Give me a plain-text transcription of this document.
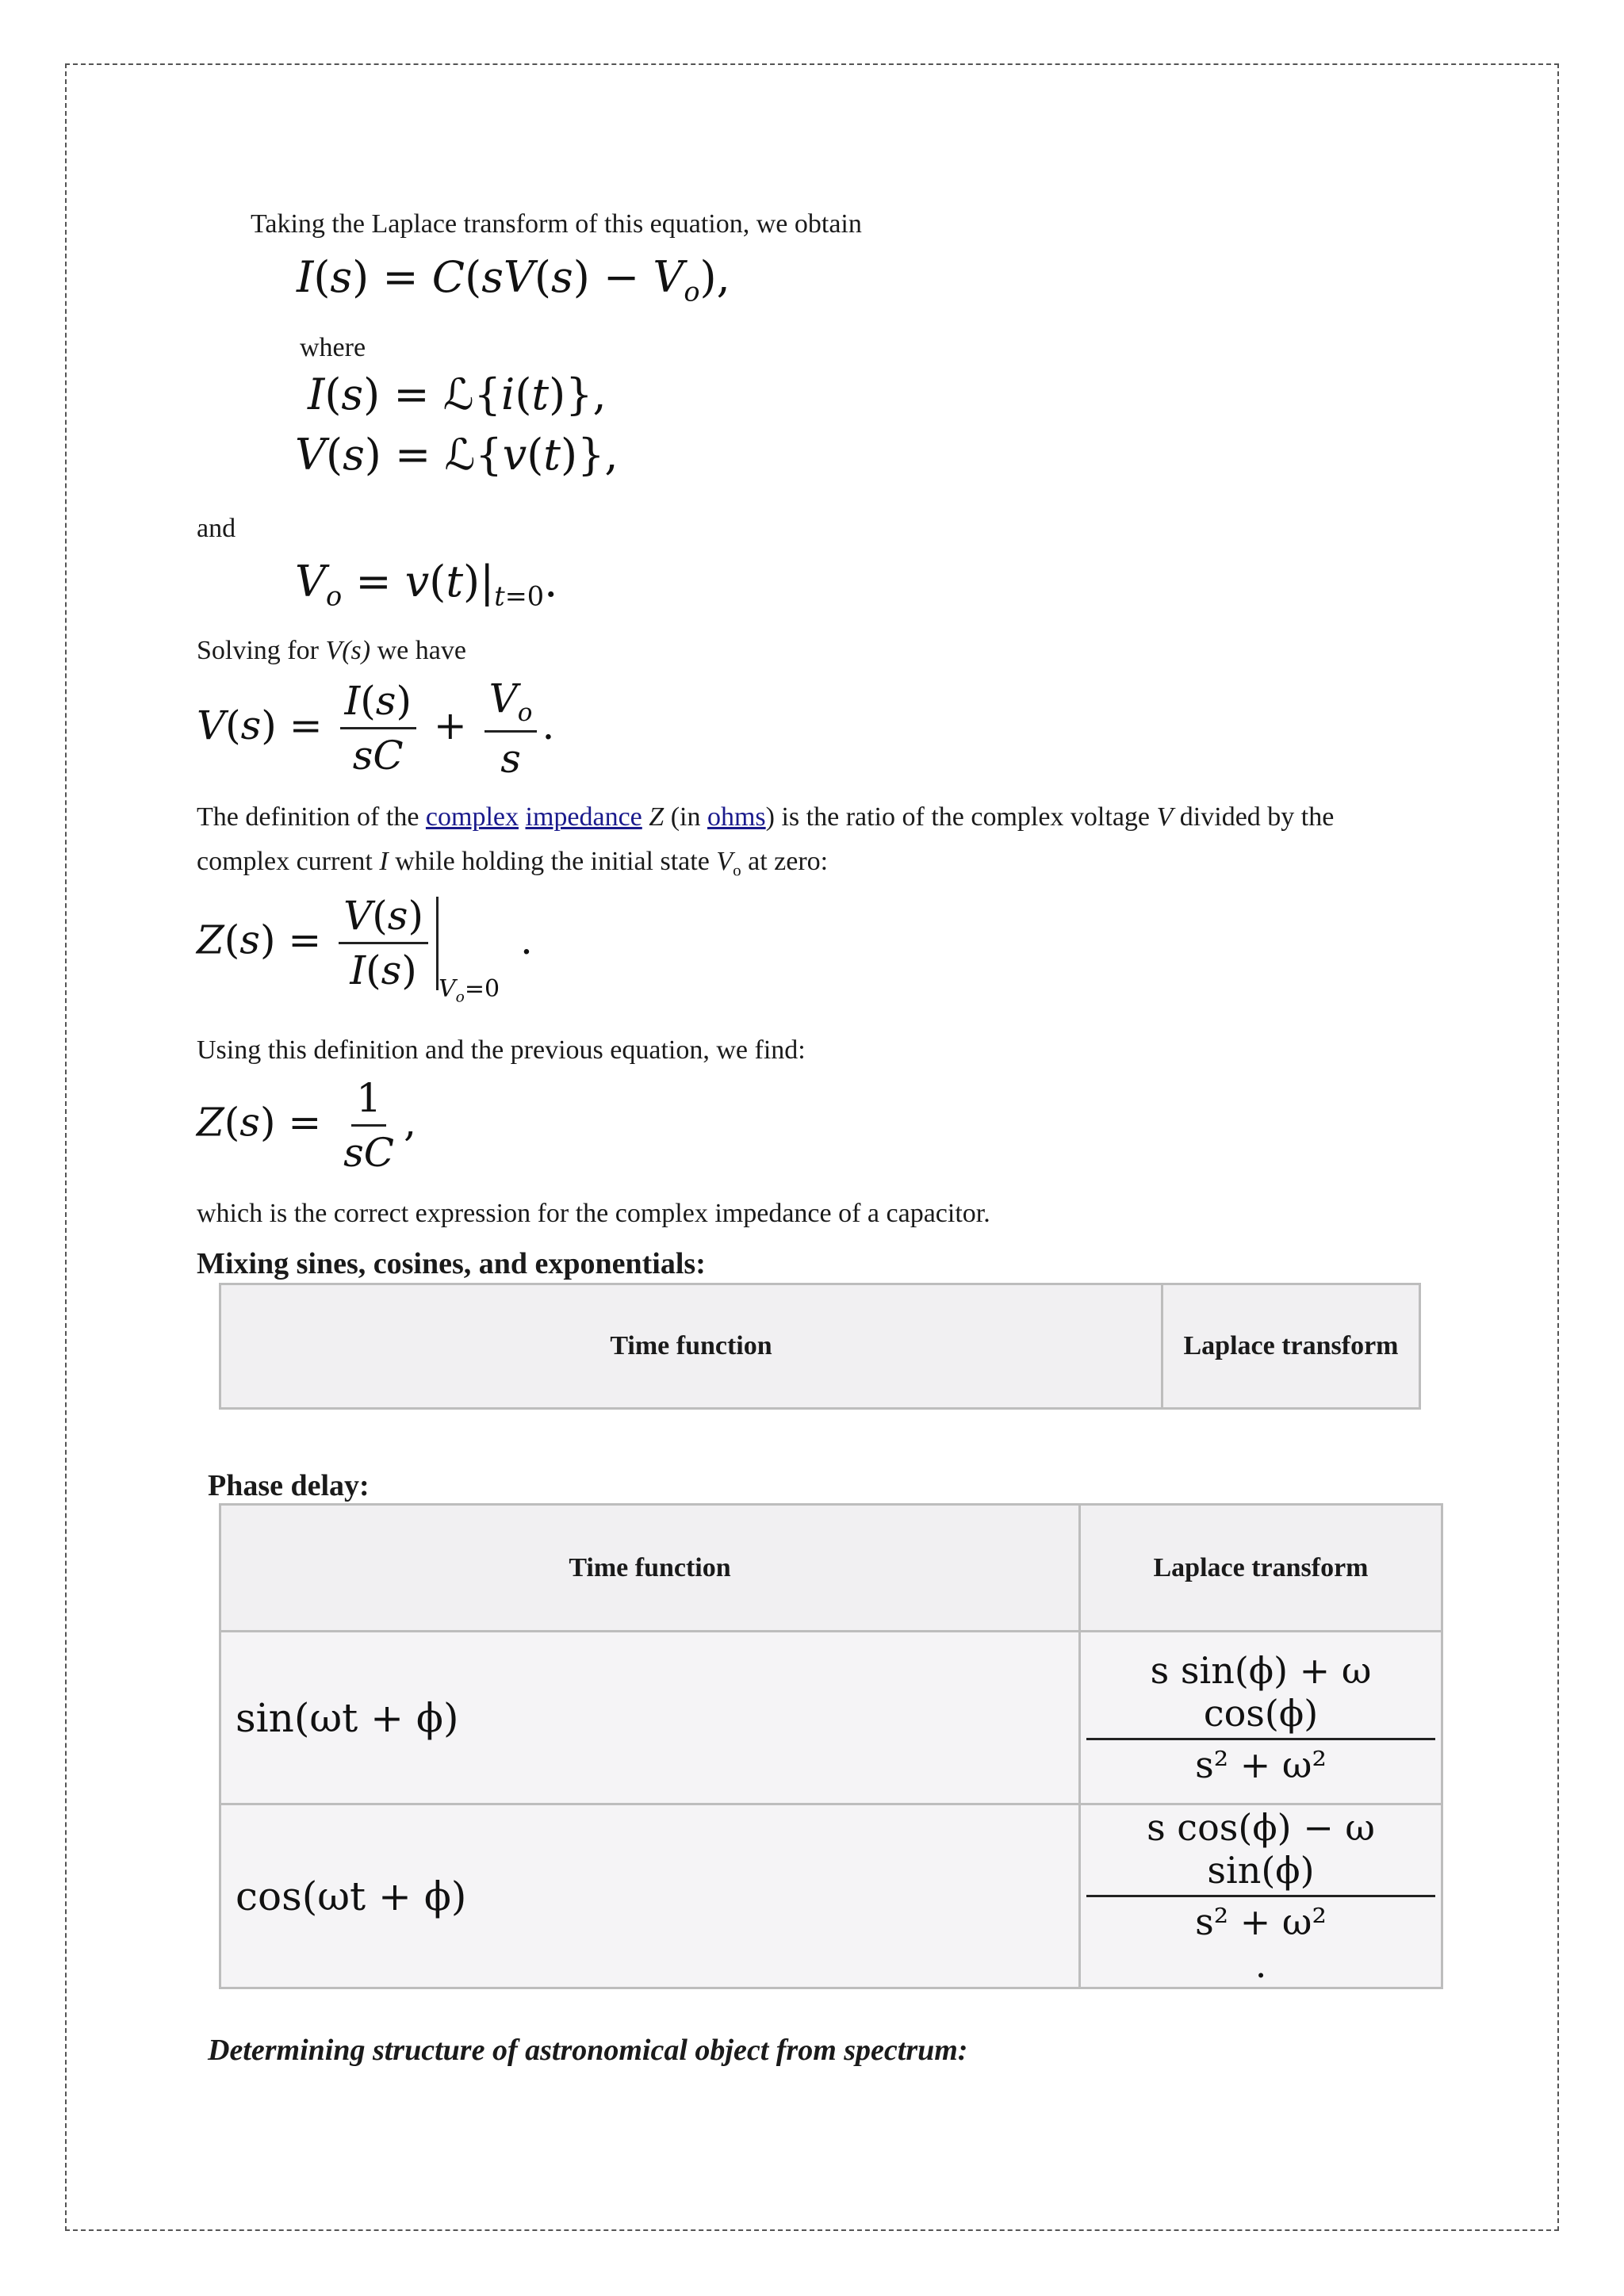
Taking the Laplace transform of this equation, we obtain
$I(s) = C(sV(s) - V_o)$,
where
I(s) = ℒ{i(t)},
V(s) = ℒ{v(t)},
and
$V_o = v(t)|_{t=0}$.
Solving for V(s) we have
$V(s) = \frac{I(s)}{sC} + \frac{V_o}{s}$ .
The definition of the complex impedance Z (in ohms) is the ratio of the complex voltage V divided by the
complex current I while holding the initial state $V_o$ at zero:
$Z(s) = \frac{V(s)}{I(s)} _{V_o=0}$ .
Using this definition and the previous equation, we find:
$Z(s) = \frac{1}{sC}$ ,
which is the correct expression for the complex impedance of a capacitor.
Mixing sines, cosines, and exponentials:
Time function	Laplace transform
Phase delay:
Time function	Laplace transform
sin(ωt + ϕ)	$\frac{\text{s sin(ϕ) + ω cos(ϕ)}}{\text{s² + ω²}}$

cos(ωt + ϕ)	$\frac{\text{s cos(ϕ) − ω sin(ϕ)}}{\text{s² + ω²}}$
.
Determining structure of astronomical object from spectrum:
